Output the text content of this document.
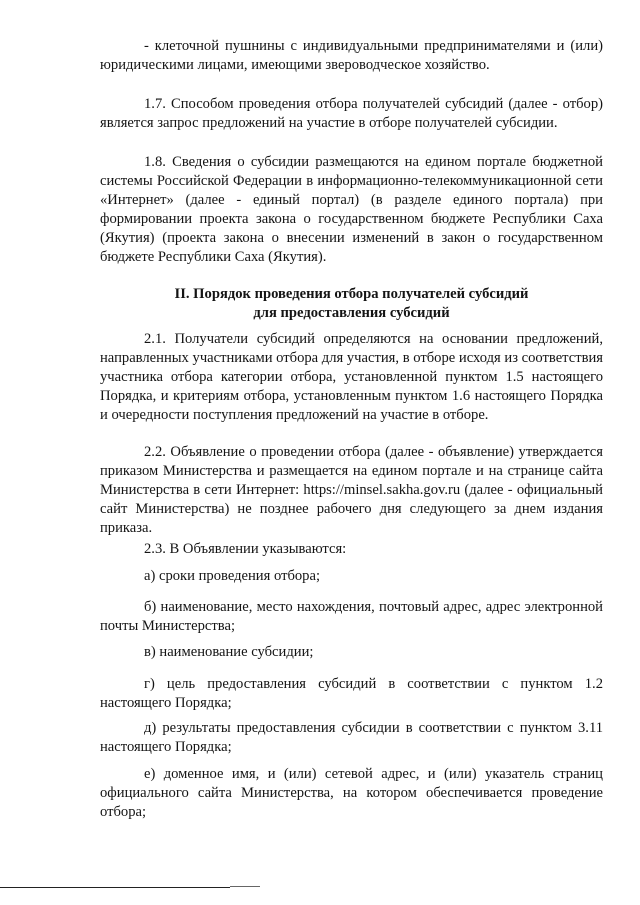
- клеточной пушнины с индивидуальными предпринимателями и (или) юридическими лицами, имеющими звероводческое хозяйство.

1.7. Способом проведения отбора получателей субсидий (далее - отбор) является запрос предложений на участие в отборе получателей субсидии.

1.8. Сведения о субсидии размещаются на едином портале бюджетной системы Российской Федерации в информационно-телекоммуникационной сети «Интернет» (далее - единый портал) (в разделе единого портала) при формировании проекта закона о государственном бюджете Республики Саха (Якутия) (проекта закона о внесении изменений в закон о государственном бюджете Республики Саха (Якутия).

II. Порядок проведения отбора получателей субсидий
для предоставления субсидий

2.1. Получатели субсидий определяются на основании предложений, направленных участниками отбора для участия, в отборе исходя из соответствия участника отбора категории отбора, установленной пунктом 1.5 настоящего Порядка, и критериям отбора, установленным пунктом 1.6 настоящего Порядка и очередности поступления предложений на участие в отборе.

2.2. Объявление о проведении отбора (далее - объявление) утверждается приказом Министерства и размещается на едином портале и на странице сайта Министерства в сети Интернет: https://minsel.sakha.gov.ru (далее - официальный сайт Министерства) не позднее рабочего дня следующего за днем издания приказа.

2.3. В Объявлении указываются:

а) сроки проведения отбора;

б) наименование, место нахождения, почтовый адрес, адрес электронной почты Министерства;

в) наименование субсидии;

г) цель предоставления субсидий в соответствии с пунктом 1.2 настоящего Порядка;

д) результаты предоставления субсидии в соответствии с пунктом 3.11 настоящего Порядка;

е) доменное имя, и (или) сетевой адрес, и (или) указатель страниц официального сайта Министерства, на котором обеспечивается проведение отбора;
